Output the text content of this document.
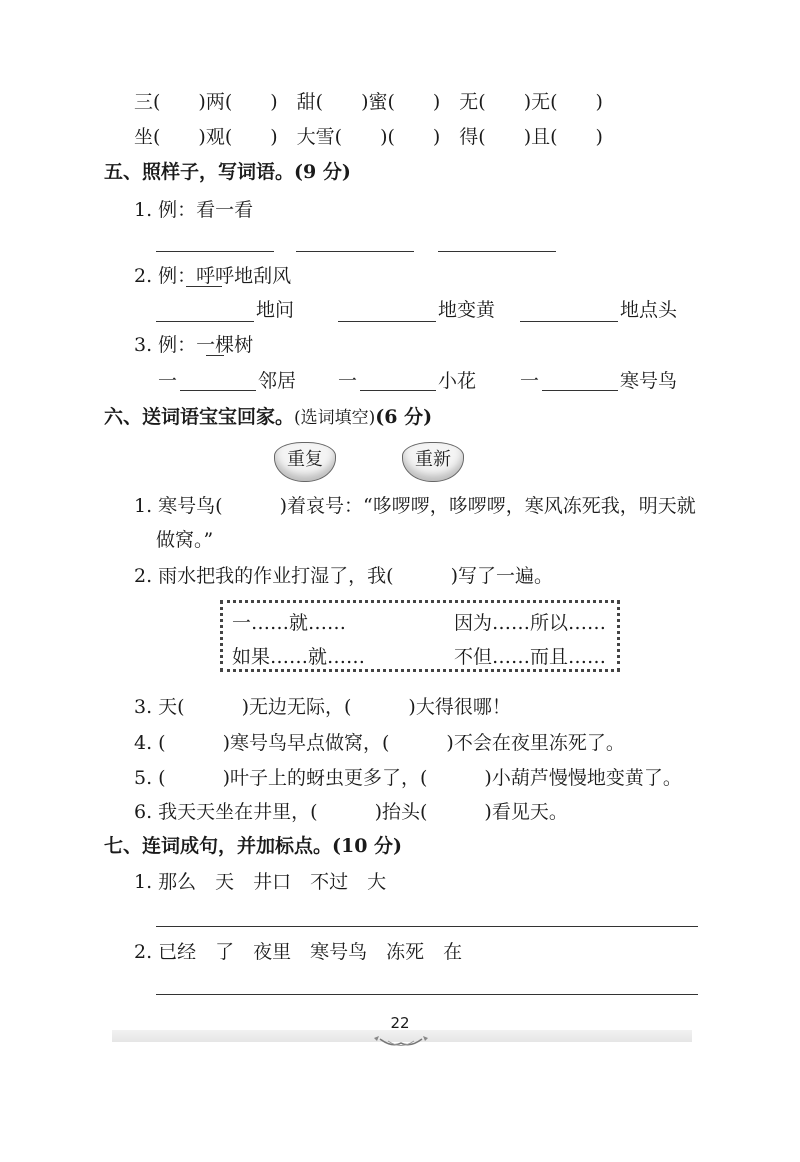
三(　　)两(　　)　甜(　　)蜜(　　)　无(　　)无(　　)
坐(　　)观(　　)　大雪(　　)(　　)　得(　　)且(　　)
五、照样子，写词语。(9 分)
1. 例：看一看
2. 例：呼呼地刮风
地问	地变黄	地点头
3. 例：一棵树
一	邻居 一	小花 一	寒号鸟
六、送词语宝宝回家。(选词填空)(6 分)
重复	重新
1. 寒号鸟(　　　)着哀号：“哆啰啰，哆啰啰，寒风冻死我，明天就
做窝。”
2. 雨水把我的作业打湿了，我(　　　)写了一遍。
一……就……	因为……所以……
如果……就……	不但……而且……
3. 天(　　　)无边无际，(　　　)大得很哪！
4. (　　　)寒号鸟早点做窝，(　　　)不会在夜里冻死了。
5. (　　　)叶子上的蚜虫更多了，(　　　)小葫芦慢慢地变黄了。
6. 我天天坐在井里，(　　　)抬头(　　　)看见天。
七、连词成句，并加标点。(10 分)
1. 那么　天　井口　不过　大
2. 已经　了　夜里　寒号鸟　冻死　在
22
